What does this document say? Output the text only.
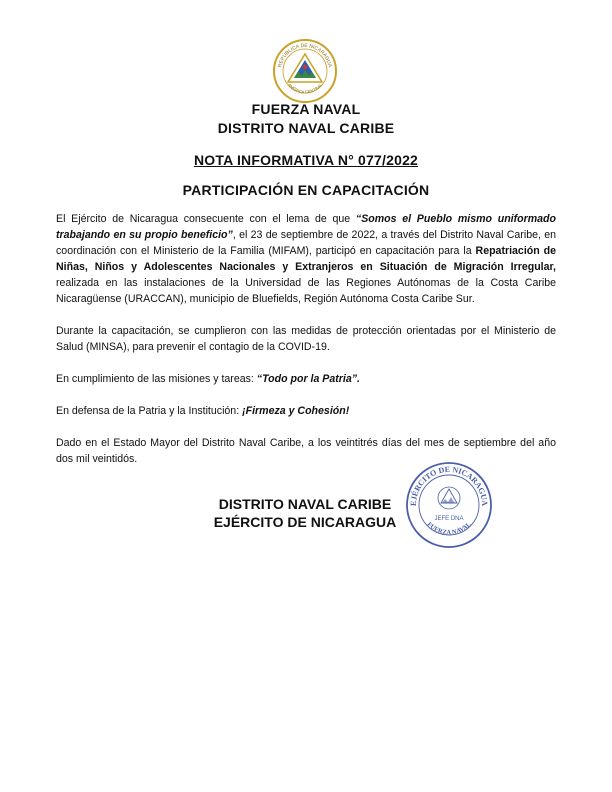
REPÚBLICA DE NICARAGUA
AMÉRICA CENTRAL
FUERZA NAVAL
DISTRITO NAVAL CARIBE
NOTA INFORMATIVA N° 077/2022
PARTICIPACIÓN EN CAPACITACIÓN

El Ejército de Nicaragua consecuente con el lema de que “Somos el Pueblo mismo uniformado trabajando en su propio beneficio”, el 23 de septiembre de 2022, a través del Distrito Naval Caribe, en coordinación con el Ministerio de la Familia (MIFAM), participó en capacitación para la Repatriación de Niñas, Niños y Adolescentes Nacionales y Extranjeros en Situación de Migración Irregular, realizada en las instalaciones de la Universidad de las Regiones Autónomas de la Costa Caribe Nicaragüense (URACCAN), municipio de Bluefields, Región Autónoma Costa Caribe Sur.

Durante la capacitación, se cumplieron con las medidas de protección orientadas por el Ministerio de Salud (MINSA), para prevenir el contagio de la COVID-19.

En cumplimiento de las misiones y tareas: “Todo por la Patria”.

En defensa de la Patria y la Institución: ¡Firmeza y Cohesión!

Dado en el Estado Mayor del Distrito Naval Caribe, a los veintitrés días del mes de septiembre del año dos mil veintidós.

DISTRITO NAVAL CARIBE
EJÉRCITO DE NICARAGUA
EJÉRCITO DE NICARAGUA
FUERZA NAVAL
JEFE DNA
